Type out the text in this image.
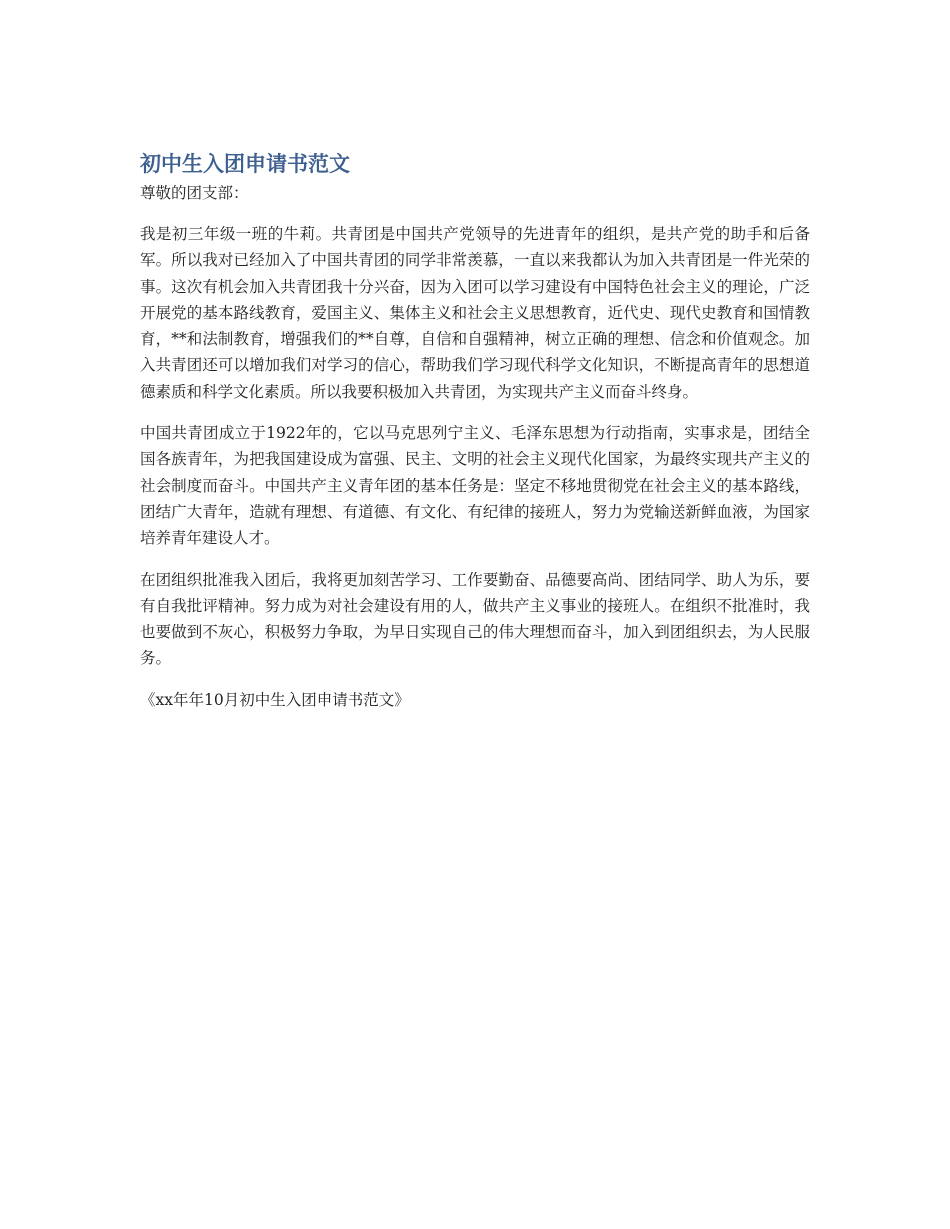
初中生入团申请书范文

尊敬的团支部：

我是初三年级一班的牛莉。共青团是中国共产党领导的先进青年的组织，是共产党的助手和后备军。所以我对已经加入了中国共青团的同学非常羡慕，一直以来我都认为加入共青团是一件光荣的事。这次有机会加入共青团我十分兴奋，因为入团可以学习建设有中国特色社会主义的理论，广泛开展党的基本路线教育，爱国主义、集体主义和社会主义思想教育，近代史、现代史教育和国情教育，**和法制教育，增强我们的**自尊，自信和自强精神，树立正确的理想、信念和价值观念。加入共青团还可以增加我们对学习的信心，帮助我们学习现代科学文化知识，不断提高青年的思想道德素质和科学文化素质。所以我要积极加入共青团，为实现共产主义而奋斗终身。

中国共青团成立于1922年的，它以马克思列宁主义、毛泽东思想为行动指南，实事求是，团结全国各族青年，为把我国建设成为富强、民主、文明的社会主义现代化国家，为最终实现共产主义的社会制度而奋斗。中国共产主义青年团的基本任务是：坚定不移地贯彻党在社会主义的基本路线，团结广大青年，造就有理想、有道德、有文化、有纪律的接班人，努力为党输送新鲜血液，为国家培养青年建设人才。

在团组织批准我入团后，我将更加刻苦学习、工作要勤奋、品德要高尚、团结同学、助人为乐，要有自我批评精神。努力成为对社会建设有用的人，做共产主义事业的接班人。在组织不批准时，我也要做到不灰心，积极努力争取，为早日实现自己的伟大理想而奋斗，加入到团组织去，为人民服务。

《xx年年10月初中生入团申请书范文》
